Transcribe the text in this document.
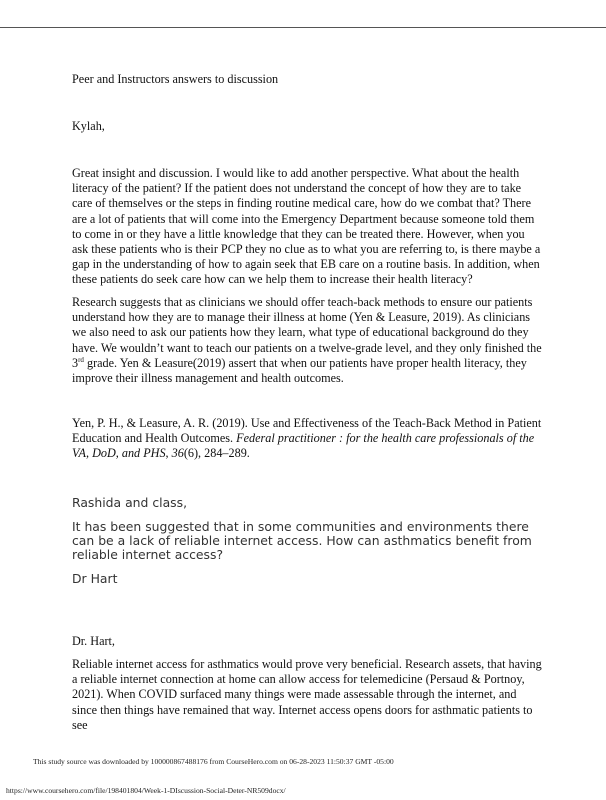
Peer and Instructors answers to discussion

Kylah,

Great insight and discussion. I would like to add another perspective. What about the health literacy of the patient? If the patient does not understand the concept of how they are to take care of themselves or the steps in finding routine medical care, how do we combat that? There are a lot of patients that will come into the Emergency Department because someone told them to come in or they have a little knowledge that they can be treated there. However, when you ask these patients who is their PCP they no clue as to what you are referring to, is there maybe a gap in the understanding of how to again seek that EB care on a routine basis. In addition, when these patients do seek care how can we help them to increase their health literacy?

Research suggests that as clinicians we should offer teach-back methods to ensure our patients understand how they are to manage their illness at home (Yen & Leasure, 2019). As clinicians we also need to ask our patients how they learn, what type of educational background do they have. We wouldn’t want to teach our patients on a twelve-grade level, and they only finished the 3rd grade. Yen & Leasure(2019) assert that when our patients have proper health literacy, they improve their illness management and health outcomes.

Yen, P. H., & Leasure, A. R. (2019). Use and Effectiveness of the Teach-Back Method in Patient Education and Health Outcomes. Federal practitioner : for the health care professionals of the VA, DoD, and PHS, 36(6), 284–289.

Rashida and class,

It has been suggested that in some communities and environments there can be a lack of reliable internet access. How can asthmatics benefit from reliable internet access?

Dr Hart

Dr. Hart,

Reliable internet access for asthmatics would prove very beneficial. Research assets, that having a reliable internet connection at home can allow access for telemedicine (Persaud & Portnoy, 2021). When COVID surfaced many things were made assessable through the internet, and since then things have remained that way. Internet access opens doors for asthmatic patients to see

This study source was downloaded by 100000867488176 from CourseHero.com on 06-28-2023 11:50:37 GMT -05:00

https://www.coursehero.com/file/198401804/Week-1-DIscussion-Social-Deter-NR509docx/
